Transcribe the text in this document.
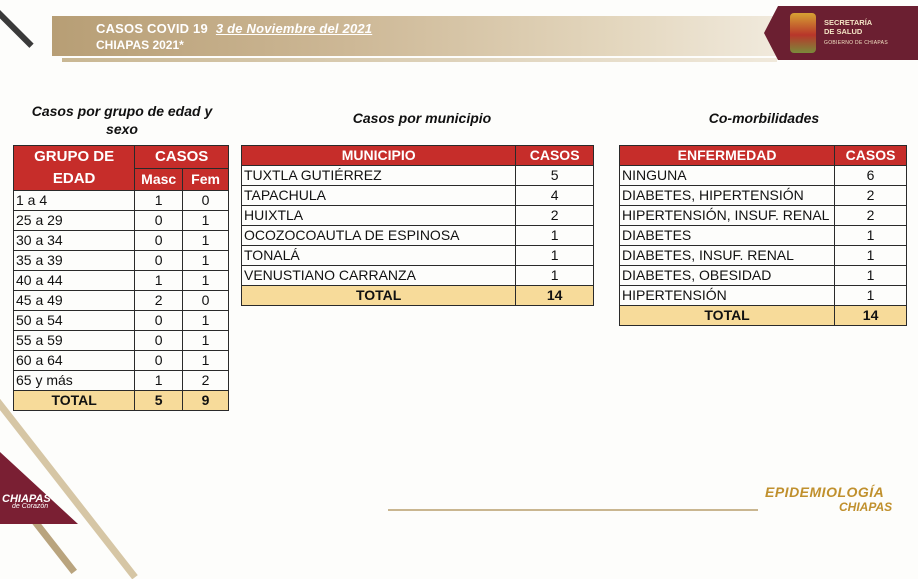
CASOS COVID 19 3 de Noviembre del 2021
CHIAPAS 2021*
SECRETARÍA
DE SALUD
GOBIERNO DE CHIAPAS
Casos por grupo de edad y sexo
GRUPO DE EDAD	CASOS	
	Masc	Fem
1 a 4	1	0
25 a 29	0	1
30 a 34	0	1
35 a 39	0	1
40 a 44	1	1
45 a 49	2	0
50 a 54	0	1
55 a 59	0	1
60 a 64	0	1
65 y más	1	2
TOTAL	5	9
Casos por municipio
MUNICIPIO	CASOS
TUXTLA GUTIÉRREZ	5
TAPACHULA	4
HUIXTLA	2
OCOZOCOAUTLA DE ESPINOSA	1
TONALÁ	1
VENUSTIANO CARRANZA	1
TOTAL	14
Co-morbilidades
ENFERMEDAD	CASOS
NINGUNA	6
DIABETES, HIPERTENSIÓN	2
HIPERTENSIÓN, INSUF. RENAL	2
DIABETES	1
DIABETES, INSUF. RENAL	1
DIABETES, OBESIDAD	1
HIPERTENSIÓN	1
TOTAL	14
CHIAPAS
de Corazón
EPIDEMIOLOGÍA
CHIAPAS
